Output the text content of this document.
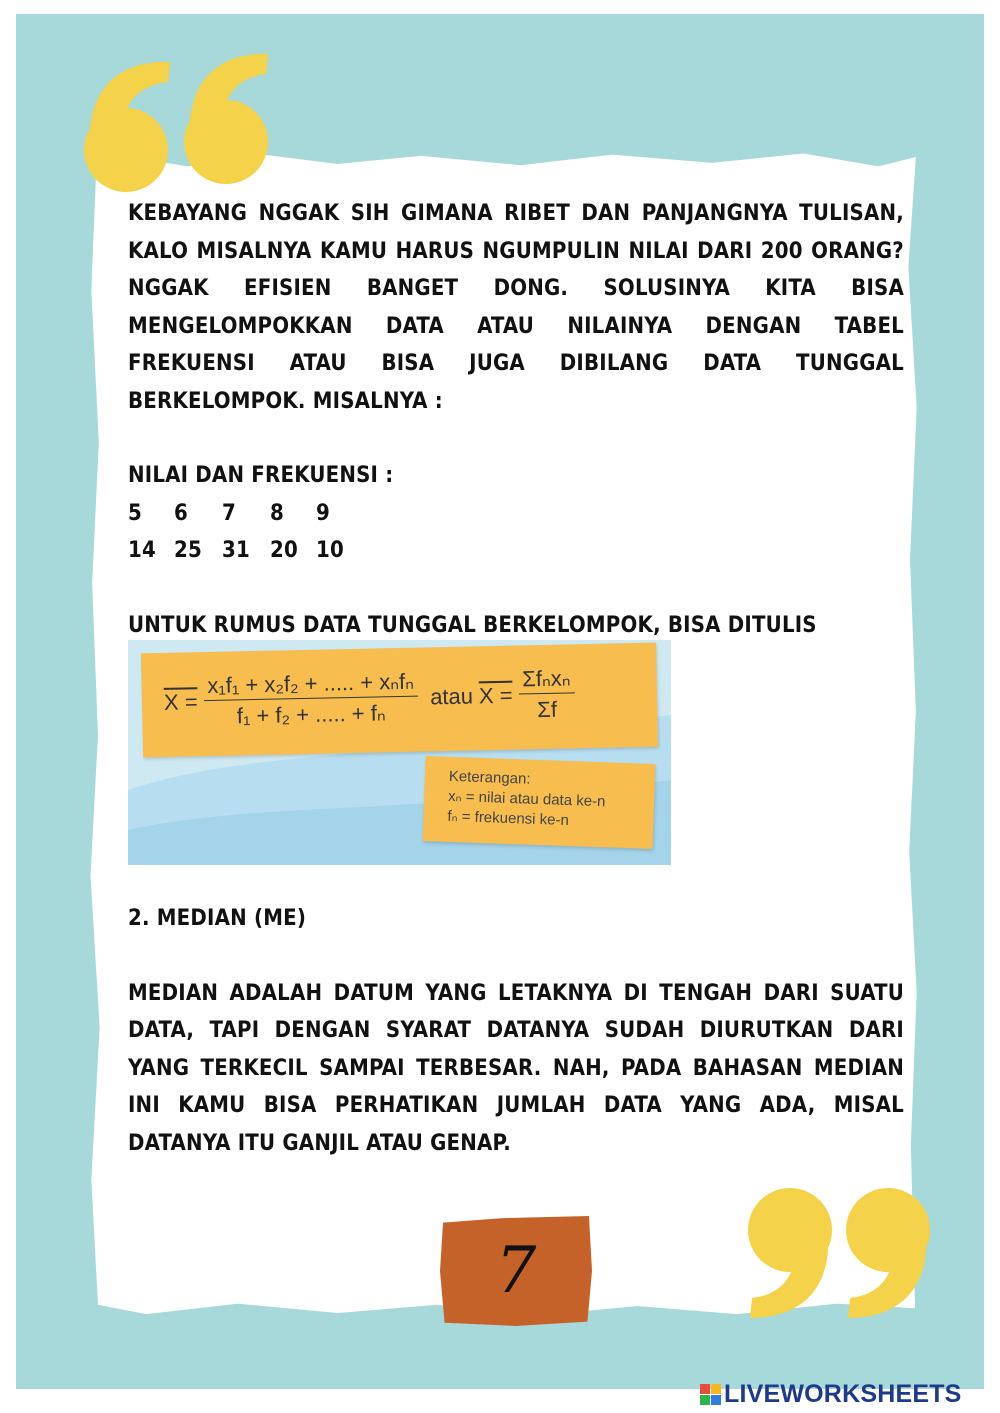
KEBAYANG NGGAK SIH GIMANA RIBET DAN PANJANGNYA TULISAN, KALO MISALNYA KAMU HARUS NGUMPULIN NILAI DARI 200 ORANG? NGGAK EFISIEN BANGET DONG. SOLUSINYA KITA BISA MENGELOMPOKKAN DATA ATAU NILAINYA DENGAN TABEL FREKUENSI ATAU BISA JUGA DIBILANG DATA TUNGGAL BERKELOMPOK. MISALNYA :

NILAI DAN FREKUENSI :

5	6	7	8	9
14 25 31 20 10

UNTUK RUMUS DATA TUNGGAL BERKELOMPOK, BISA DITULIS

$X = \frac{\text{x₁f₁ + x₂f₂ + ..... + xₙfₙ}}{\text{f₁ + f₂ + ..... + fₙ}}$ atau $X = \frac{\text{Σfₙxₙ}}{\Sigma f}$
Keterangan:
xₙ = nilai atau data ke-n
fₙ = frekuensi ke-n

2. MEDIAN (ME)

MEDIAN ADALAH DATUM YANG LETAKNYA DI TENGAH DARI SUATU DATA, TAPI DENGAN SYARAT DATANYA SUDAH DIURUTKAN DARI YANG TERKECIL SAMPAI TERBESAR. NAH, PADA BAHASAN MEDIAN INI KAMU BISA PERHATIKAN JUMLAH DATA YANG ADA, MISAL DATANYA ITU GANJIL ATAU GENAP.

7
LIVEWORKSHEETS
